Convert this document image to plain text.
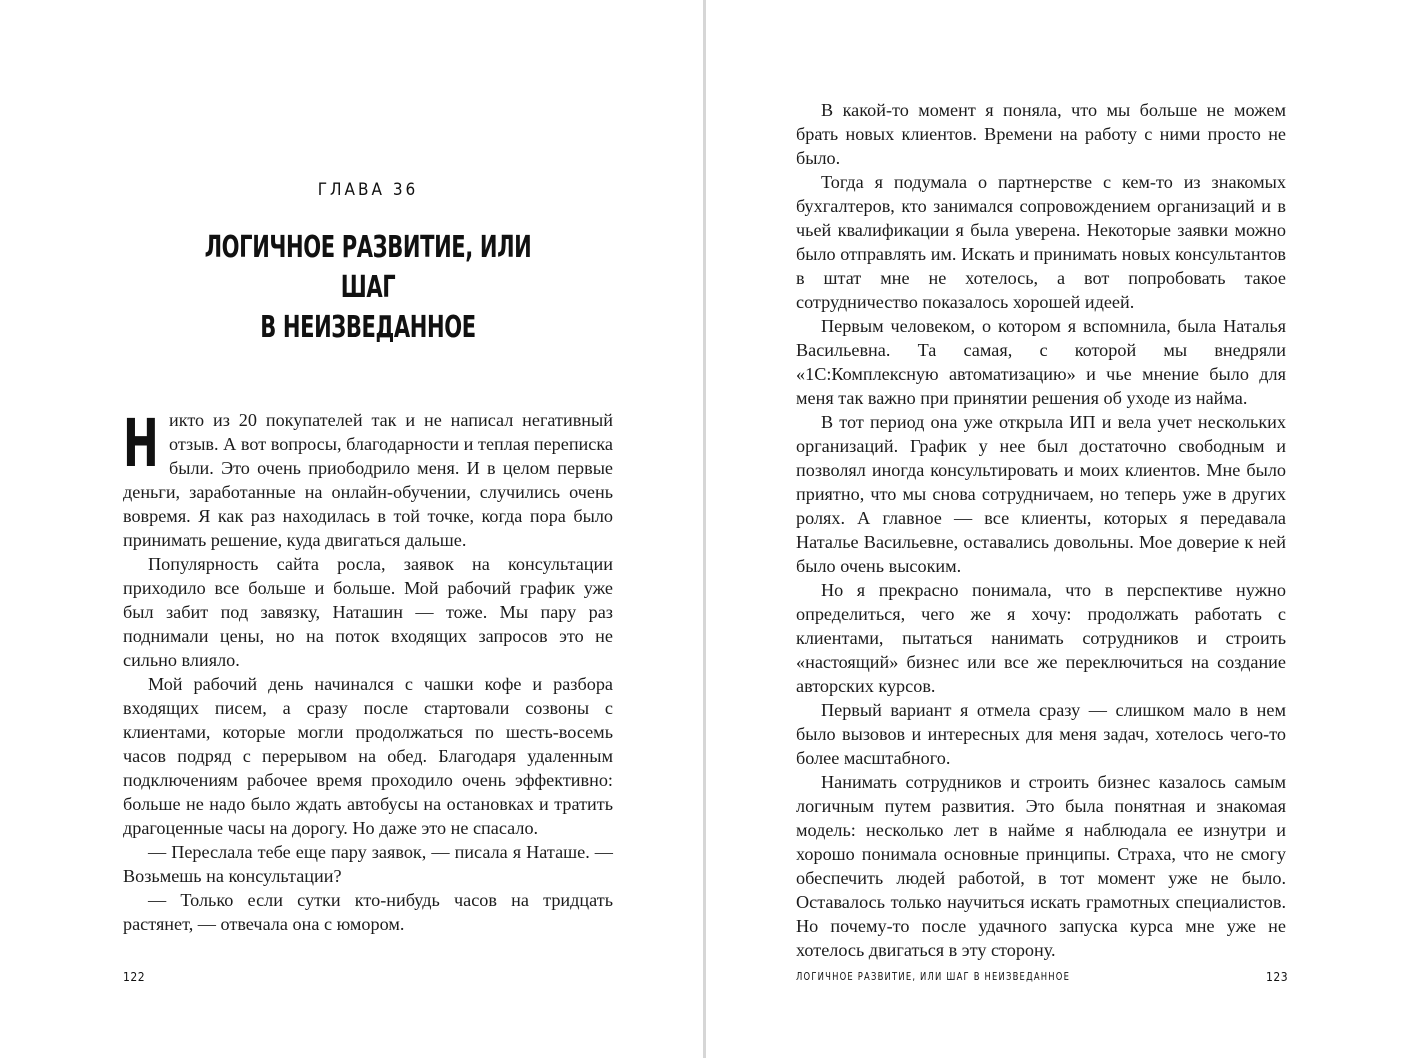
ГЛАВА 36
ЛОГИЧНОЕ РАЗВИТИЕ, ИЛИ ШАГ
В НЕИЗВЕДАННОЕ

Никто из 20 покупателей так и не написал негативный отзыв. А вот вопросы, благодарности и теплая переписка были. Это очень приободрило меня. И в целом первые деньги, заработанные на онлайн-обучении, случились очень вовремя. Я как раз находилась в той точке, когда пора было принимать решение, куда двигаться дальше.

Популярность сайта росла, заявок на консультации приходило все больше и больше. Мой рабочий график уже был забит под завязку, Наташин — тоже. Мы пару раз поднимали цены, но на поток входящих запросов это не сильно влияло.

Мой рабочий день начинался с чашки кофе и разбора входящих писем, а сразу после стартовали созвоны с клиентами, которые могли продолжаться по шесть-восемь часов подряд с перерывом на обед. Благодаря удаленным подключениям рабочее время проходило очень эффективно: больше не надо было ждать автобусы на остановках и тратить драгоценные часы на дорогу. Но даже это не спасало.

— Переслала тебе еще пару заявок, — писала я Наташе. — Возьмешь на консультации?

— Только если сутки кто-нибудь часов на тридцать растянет, — отвечала она с юмором.

122

В какой-то момент я поняла, что мы больше не можем брать новых клиентов. Времени на работу с ними просто не было.

Тогда я подумала о партнерстве с кем-то из знакомых бухгалтеров, кто занимался сопровождением организаций и в чьей квалификации я была уверена. Некоторые заявки можно было отправлять им. Искать и принимать новых консультантов в штат мне не хотелось, а вот попробовать такое сотрудничество показалось хорошей идеей.

Первым человеком, о котором я вспомнила, была Наталья Васильевна. Та самая, с которой мы внедряли «1С:Комплексную автоматизацию» и чье мнение было для меня так важно при принятии решения об уходе из найма.

В тот период она уже открыла ИП и вела учет нескольких организаций. График у нее был достаточно свободным и позволял иногда консультировать и моих клиентов. Мне было приятно, что мы снова сотрудничаем, но теперь уже в других ролях. А главное — все клиенты, которых я передавала Наталье Васильевне, оставались довольны. Мое доверие к ней было очень высоким.

Но я прекрасно понимала, что в перспективе нужно определиться, чего же я хочу: продолжать работать с клиентами, пытаться нанимать сотрудников и строить «настоящий» бизнес или все же переключиться на создание авторских курсов.

Первый вариант я отмела сразу — слишком мало в нем было вызовов и интересных для меня задач, хотелось чего-то более масштабного.

Нанимать сотрудников и строить бизнес казалось самым логичным путем развития. Это была понятная и знакомая модель: несколько лет в найме я наблюдала ее изнутри и хорошо понимала основные принципы. Страха, что не смогу обеспечить людей работой, в тот момент уже не было. Оставалось только научиться искать грамотных специалистов. Но почему-то после удачного запуска курса мне уже не хотелось двигаться в эту сторону.

ЛОГИЧНОЕ РАЗВИТИЕ, ИЛИ ШАГ В НЕИЗВЕДАННОЕ	123
